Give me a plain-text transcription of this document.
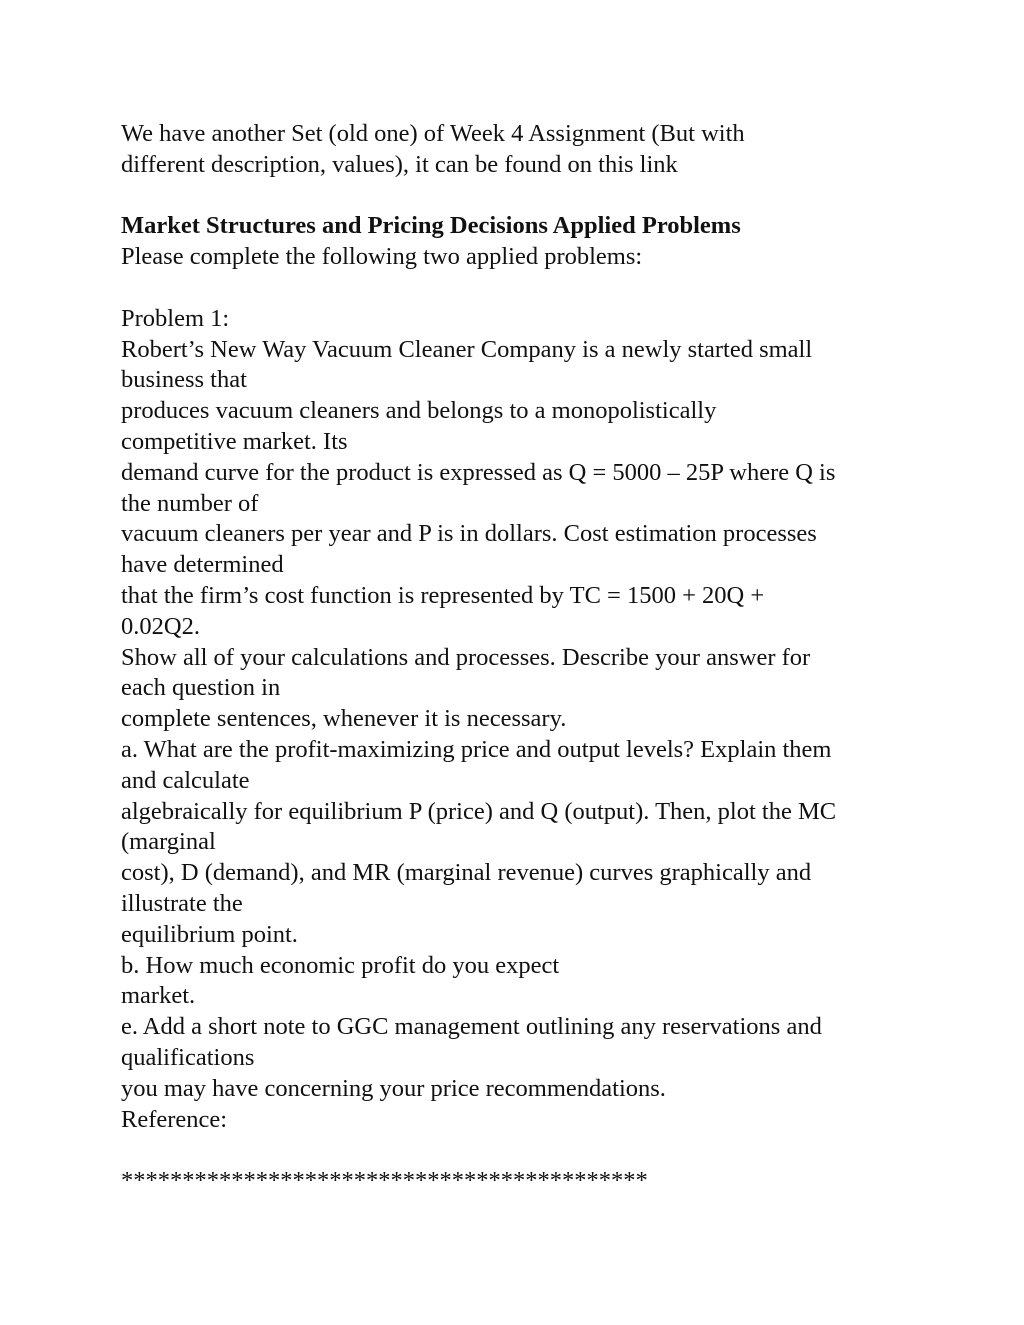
We have another Set (old one) of Week 4 Assignment (But with
different description, values), it can be found on this link
Market Structures and Pricing Decisions Applied Problems
Please complete the following two applied problems:
Problem 1:
Robert’s New Way Vacuum Cleaner Company is a newly started small
business that
produces vacuum cleaners and belongs to a monopolistically
competitive market. Its
demand curve for the product is expressed as Q = 5000 – 25P where Q is
the number of
vacuum cleaners per year and P is in dollars. Cost estimation processes
have determined
that the firm’s cost function is represented by TC = 1500 + 20Q +
0.02Q2.
Show all of your calculations and processes. Describe your answer for
each question in
complete sentences, whenever it is necessary.
a. What are the profit-maximizing price and output levels? Explain them
and calculate
algebraically for equilibrium P (price) and Q (output). Then, plot the MC
(marginal
cost), D (demand), and MR (marginal revenue) curves graphically and
illustrate the
equilibrium point.
b. How much economic profit do you expect
market.
e. Add a short note to GGC management outlining any reservations and
qualifications
you may have concerning your price recommendations.
Reference:
*******************************************
